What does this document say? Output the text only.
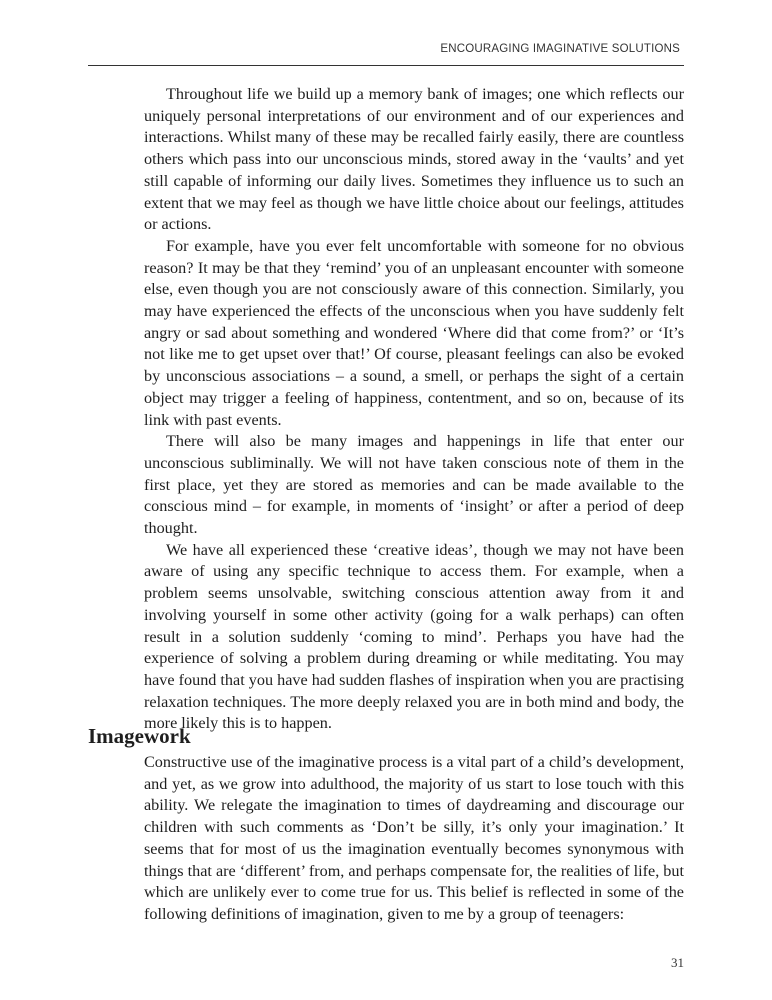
ENCOURAGING IMAGINATIVE SOLUTIONS

Throughout life we build up a memory bank of images; one which reflects our uniquely personal interpretations of our environment and of our experiences and interactions. Whilst many of these may be recalled fairly easily, there are countless others which pass into our unconscious minds, stored away in the ‘vaults’ and yet still capable of informing our daily lives. Sometimes they influence us to such an extent that we may feel as though we have little choice about our feelings, attitudes or actions.

For example, have you ever felt uncomfortable with someone for no obvious reason? It may be that they ‘remind’ you of an unpleasant encounter with someone else, even though you are not consciously aware of this connection. Similarly, you may have experienced the effects of the unconscious when you have suddenly felt angry or sad about something and wondered ‘Where did that come from?’ or ‘It’s not like me to get upset over that!’ Of course, pleasant feelings can also be evoked by unconscious associations – a sound, a smell, or perhaps the sight of a certain object may trigger a feeling of happiness, contentment, and so on, because of its link with past events.

There will also be many images and happenings in life that enter our unconscious subliminally. We will not have taken conscious note of them in the first place, yet they are stored as memories and can be made available to the conscious mind – for example, in moments of ‘insight’ or after a period of deep thought.

We have all experienced these ‘creative ideas’, though we may not have been aware of using any specific technique to access them. For example, when a problem seems unsolvable, switching conscious attention away from it and involving yourself in some other activity (going for a walk perhaps) can often result in a solution suddenly ‘coming to mind’. Perhaps you have had the experience of solving a problem during dreaming or while meditating. You may have found that you have had sudden flashes of inspiration when you are practising relaxation techniques. The more deeply relaxed you are in both mind and body, the more likely this is to happen.

Imagework

Constructive use of the imaginative process is a vital part of a child’s development, and yet, as we grow into adulthood, the majority of us start to lose touch with this ability. We relegate the imagination to times of daydreaming and discourage our children with such comments as ‘Don’t be silly, it’s only your imagination.’ It seems that for most of us the imagination eventually becomes synonymous with things that are ‘different’ from, and perhaps compensate for, the realities of life, but which are unlikely ever to come true for us. This belief is reflected in some of the following definitions of imagination, given to me by a group of teenagers:

31
